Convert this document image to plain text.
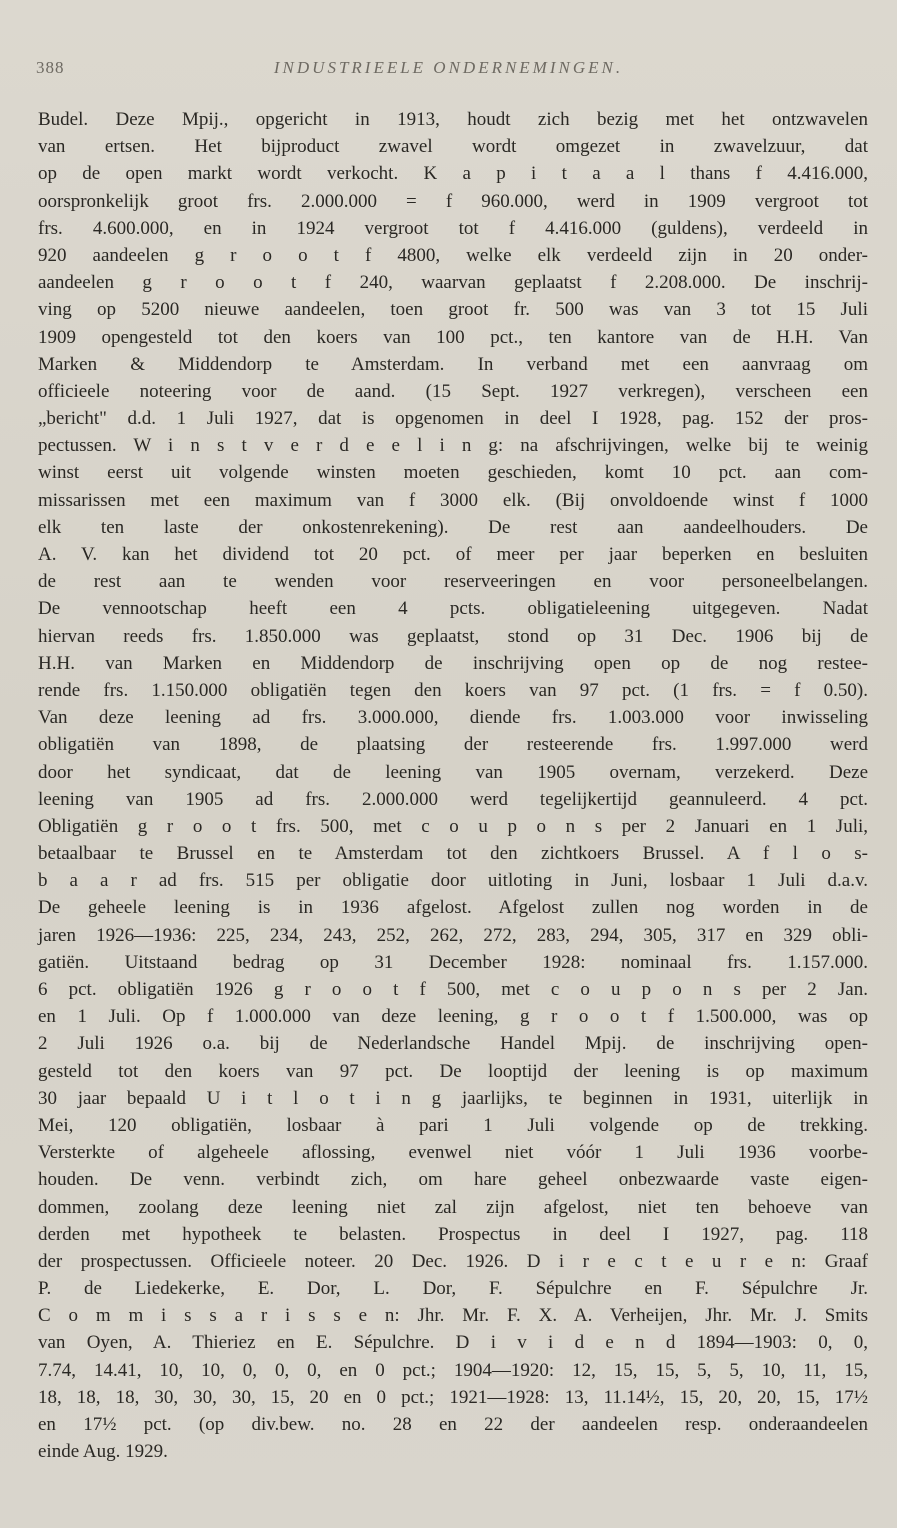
388	INDUSTRIEELE ONDERNEMINGEN.
Budel. Deze Mpij., opgericht in 1913, houdt zich bezig met het ontzwavelen
van ertsen. Het bijproduct zwavel wordt omgezet in zwavelzuur, dat
op de open markt wordt verkocht. K a p i t a a l thans f 4.416.000,
oorspronkelijk groot frs. 2.000.000 = f 960.000, werd in 1909 vergroot tot
frs. 4.600.000, en in 1924 vergroot tot f 4.416.000 (guldens), verdeeld in
920 aandeelen g r o o t f 4800, welke elk verdeeld zijn in 20 onder-
aandeelen g r o o t f 240, waarvan geplaatst f 2.208.000. De inschrij-
ving op 5200 nieuwe aandeelen, toen groot fr. 500 was van 3 tot 15 Juli
1909 opengesteld tot den koers van 100 pct., ten kantore van de H.H. Van
Marken & Middendorp te Amsterdam. In verband met een aanvraag om
officieele noteering voor de aand. (15 Sept. 1927 verkregen), verscheen een
„bericht" d.d. 1 Juli 1927, dat is opgenomen in deel I 1928, pag. 152 der pros-
pectussen. W i n s t v e r d e e l i n g: na afschrijvingen, welke bij te weinig
winst eerst uit volgende winsten moeten geschieden, komt 10 pct. aan com-
missarissen met een maximum van f 3000 elk. (Bij onvoldoende winst f 1000
elk ten laste der onkostenrekening). De rest aan aandeelhouders. De
A. V. kan het dividend tot 20 pct. of meer per jaar beperken en besluiten
de rest aan te wenden voor reserveeringen en voor personeelbelangen.
De vennootschap heeft een 4 pcts. obligatieleening uitgegeven. Nadat
hiervan reeds frs. 1.850.000 was geplaatst, stond op 31 Dec. 1906 bij de
H.H. van Marken en Middendorp de inschrijving open op de nog restee-
rende frs. 1.150.000 obligatiën tegen den koers van 97 pct. (1 frs. = f 0.50).
Van deze leening ad frs. 3.000.000, diende frs. 1.003.000 voor inwisseling
obligatiën van 1898, de plaatsing der resteerende frs. 1.997.000 werd
door het syndicaat, dat de leening van 1905 overnam, verzekerd. Deze
leening van 1905 ad frs. 2.000.000 werd tegelijkertijd geannuleerd. 4 pct.
Obligatiën g r o o t frs. 500, met c o u p o n s per 2 Januari en 1 Juli,
betaalbaar te Brussel en te Amsterdam tot den zichtkoers Brussel. A f l o s-
b a a r ad frs. 515 per obligatie door uitloting in Juni, losbaar 1 Juli d.a.v.
De geheele leening is in 1936 afgelost. Afgelost zullen nog worden in de
jaren 1926—1936: 225, 234, 243, 252, 262, 272, 283, 294, 305, 317 en 329 obli-
gatiën. Uitstaand bedrag op 31 December 1928: nominaal frs. 1.157.000.
6 pct. obligatiën 1926 g r o o t f 500, met c o u p o n s per 2 Jan.
en 1 Juli. Op f 1.000.000 van deze leening, g r o o t f 1.500.000, was op
2 Juli 1926 o.a. bij de Nederlandsche Handel Mpij. de inschrijving open-
gesteld tot den koers van 97 pct. De looptijd der leening is op maximum
30 jaar bepaald U i t l o t i n g jaarlijks, te beginnen in 1931, uiterlijk in
Mei, 120 obligatiën, losbaar à pari 1 Juli volgende op de trekking.
Versterkte of algeheele aflossing, evenwel niet vóór 1 Juli 1936 voorbe-
houden. De venn. verbindt zich, om hare geheel onbezwaarde vaste eigen-
dommen, zoolang deze leening niet zal zijn afgelost, niet ten behoeve van
derden met hypotheek te belasten. Prospectus in deel I 1927, pag. 118
der prospectussen. Officieele noteer. 20 Dec. 1926. D i r e c t e u r e n: Graaf
P. de Liedekerke, E. Dor, L. Dor, F. Sépulchre en F. Sépulchre Jr.
C o m m i s s a r i s s e n: Jhr. Mr. F. X. A. Verheijen, Jhr. Mr. J. Smits
van Oyen, A. Thieriez en E. Sépulchre. D i v i d e n d 1894—1903: 0, 0,
7.74, 14.41, 10, 10, 0, 0, 0, en 0 pct.; 1904—1920: 12, 15, 15, 5, 5, 10, 11, 15,
18, 18, 18, 30, 30, 30, 15, 20 en 0 pct.; 1921—1928: 13, 11.14½, 15, 20, 20, 15, 17½
en 17½ pct. (op div.bew. no. 28 en 22 der aandeelen resp. onderaandeelen
einde Aug. 1929.
